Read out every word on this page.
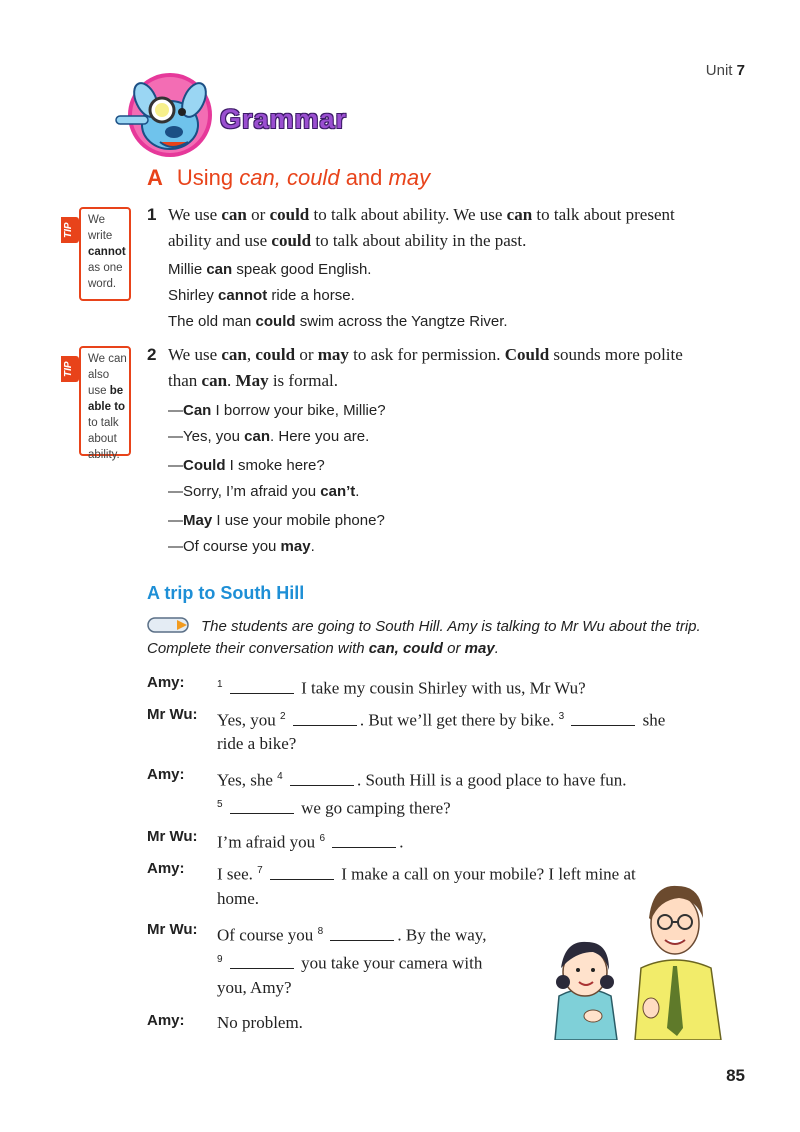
Unit 7
Grammar
A Using can, could and may
TIP
We write cannot as one word.
TIP
We can also use be able to to talk about ability.
1 We use can or could to talk about ability. We use can to talk about present ability and use could to talk about ability in the past.
Millie can speak good English.
Shirley cannot ride a horse.
The old man could swim across the Yangtze River.
2 We use can, could or may to ask for permission. Could sounds more polite than can. May is formal.
—Can I borrow your bike, Millie?
—Yes, you can. Here you are.
—Could I smoke here?
—Sorry, I’m afraid you can’t.
—May I use your mobile phone?
—Of course you may.
A trip to South Hill
The students are going to South Hill. Amy is talking to Mr Wu about the trip. Complete their conversation with can, could or may.
Amy:	$^1$	I take my cousin Shirley with us, Mr Wu?
Mr Wu: Yes, you $^2$	. But we’ll get there by bike. $^3$	she
ride a bike?
Amy: Yes, she $^4$	. South Hill is a good place to have fun.
$^5$	we go camping there?
Mr Wu: I’m afraid you $^6$	.
Amy: I see. $^7$	I make a call on your mobile? I left mine at
home.
Mr Wu: Of course you $^8$	. By the way,
$^9$	you take your camera with
you, Amy?
Amy: No problem.
85
